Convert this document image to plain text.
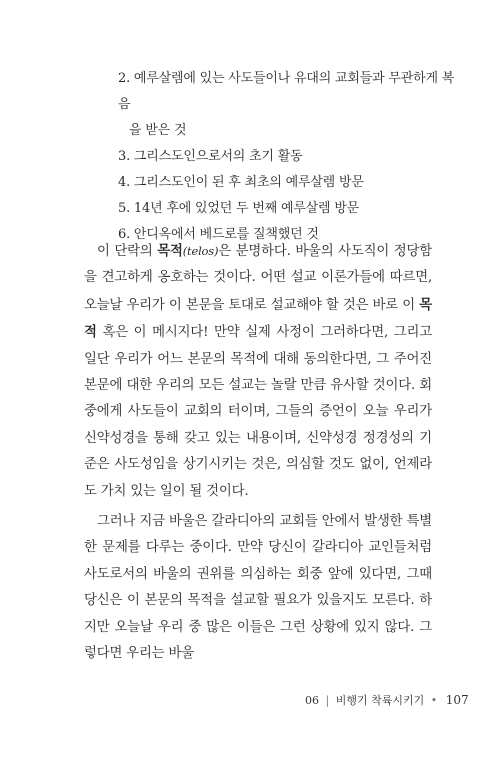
2. 예루살렘에 있는 사도들이나 유대의 교회들과 무관하게 복음
을 받은 것

3. 그리스도인으로서의 초기 활동

4. 그리스도인이 된 후 최초의 예루살렘 방문

5. 14년 후에 있었던 두 번째 예루살렘 방문

6. 안디옥에서 베드로를 질책했던 것

이 단락의 목적(telos)은 분명하다. 바울의 사도직이 정당함을 견고하게 옹호하는 것이다. 어떤 설교 이론가들에 따르면, 오늘날 우리가 이 본문을 토대로 설교해야 할 것은 바로 이 목적 혹은 이 메시지다! 만약 실제 사정이 그러하다면, 그리고 일단 우리가 어느 본문의 목적에 대해 동의한다면, 그 주어진 본문에 대한 우리의 모든 설교는 놀랄 만큼 유사할 것이다. 회중에게 사도들이 교회의 터이며, 그들의 증언이 오늘 우리가 신약성경을 통해 갖고 있는 내용이며, 신약성경 정경성의 기준은 사도성임을 상기시키는 것은, 의심할 것도 없이, 언제라도 가치 있는 일이 될 것이다.

그러나 지금 바울은 갈라디아의 교회들 안에서 발생한 특별한 문제를 다루는 중이다. 만약 당신이 갈라디아 교인들처럼 사도로서의 바울의 권위를 의심하는 회중 앞에 있다면, 그때 당신은 이 본문의 목적을 설교할 필요가 있을지도 모른다. 하지만 오늘날 우리 중 많은 이들은 그런 상황에 있지 않다. 그렇다면 우리는 바울

06 | 비행기 착륙시키기 • 107
